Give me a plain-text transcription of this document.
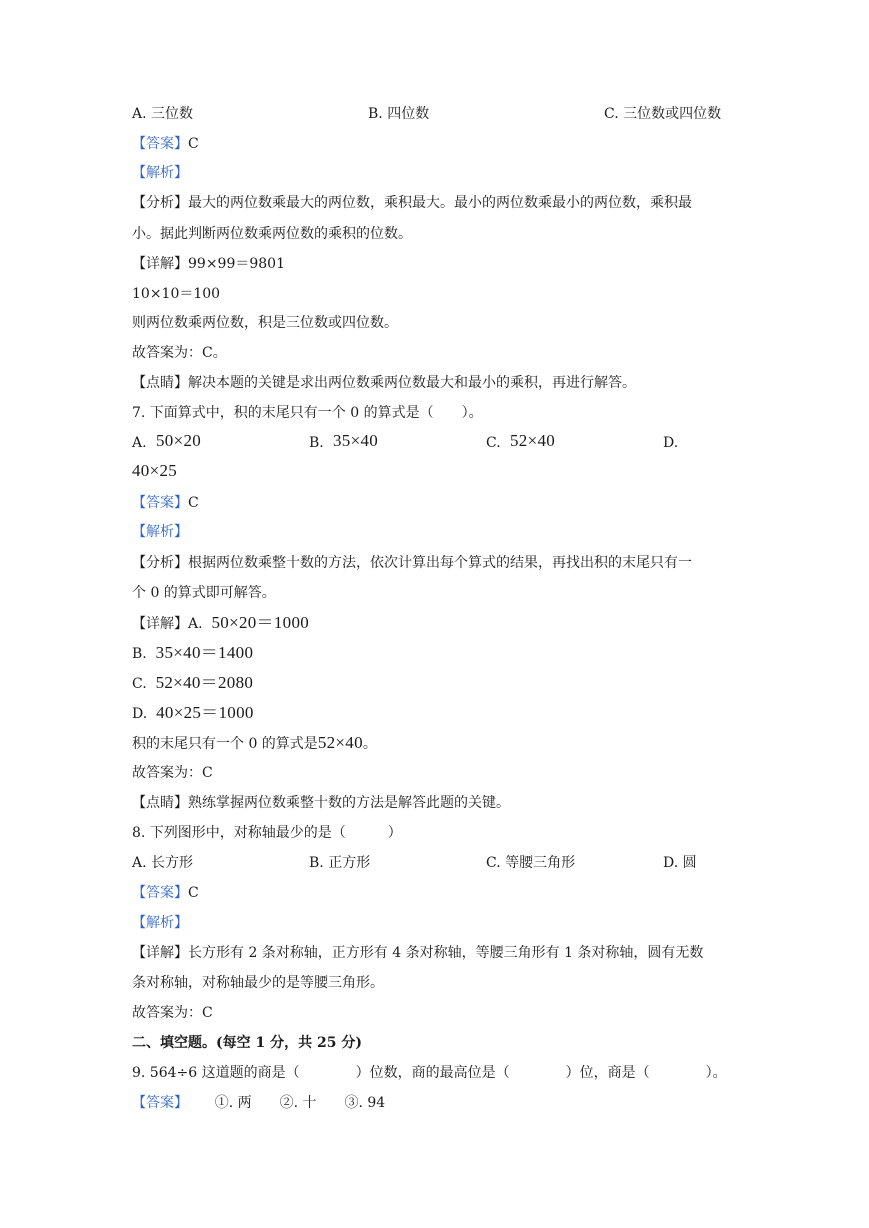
A. 三位数	B. 四位数	C. 三位数或四位数
【答案】C
【解析】
【分析】最大的两位数乘最大的两位数，乘积最大。最小的两位数乘最小的两位数，乘积最
小。据此判断两位数乘两位数的乘积的位数。
【详解】99×99＝9801
10×10＝100
则两位数乘两位数，积是三位数或四位数。
故答案为：C。
【点睛】解决本题的关键是求出两位数乘两位数最大和最小的乘积，再进行解答。
7. 下面算式中，积的末尾只有一个 0 的算式是（　　）。
A. 50×20	B. 35×40	C. 52×40	D.
40×25
【答案】C
【解析】
【分析】根据两位数乘整十数的方法，依次计算出每个算式的结果，再找出积的末尾只有一
个 0 的算式即可解答。
【详解】A. 50×20＝1000
B. 35×40＝1400
C. 52×40＝2080
D. 40×25＝1000
积的末尾只有一个 0 的算式是52×40。
故答案为：C
【点睛】熟练掌握两位数乘整十数的方法是解答此题的关键。
8. 下列图形中，对称轴最少的是（　　　）
A. 长方形	B. 正方形	C. 等腰三角形	D. 圆
【答案】C
【解析】
【详解】长方形有 2 条对称轴，正方形有 4 条对称轴，等腰三角形有 1 条对称轴，圆有无数
条对称轴，对称轴最少的是等腰三角形。
故答案为：C
二、填空题。(每空 1 分，共 25 分)
9. 564÷6 这道题的商是（　　　　）位数，商的最高位是（　　　　）位，商是（　　　　）。
【答案】 ①. 两　　②. 十　　③. 94
